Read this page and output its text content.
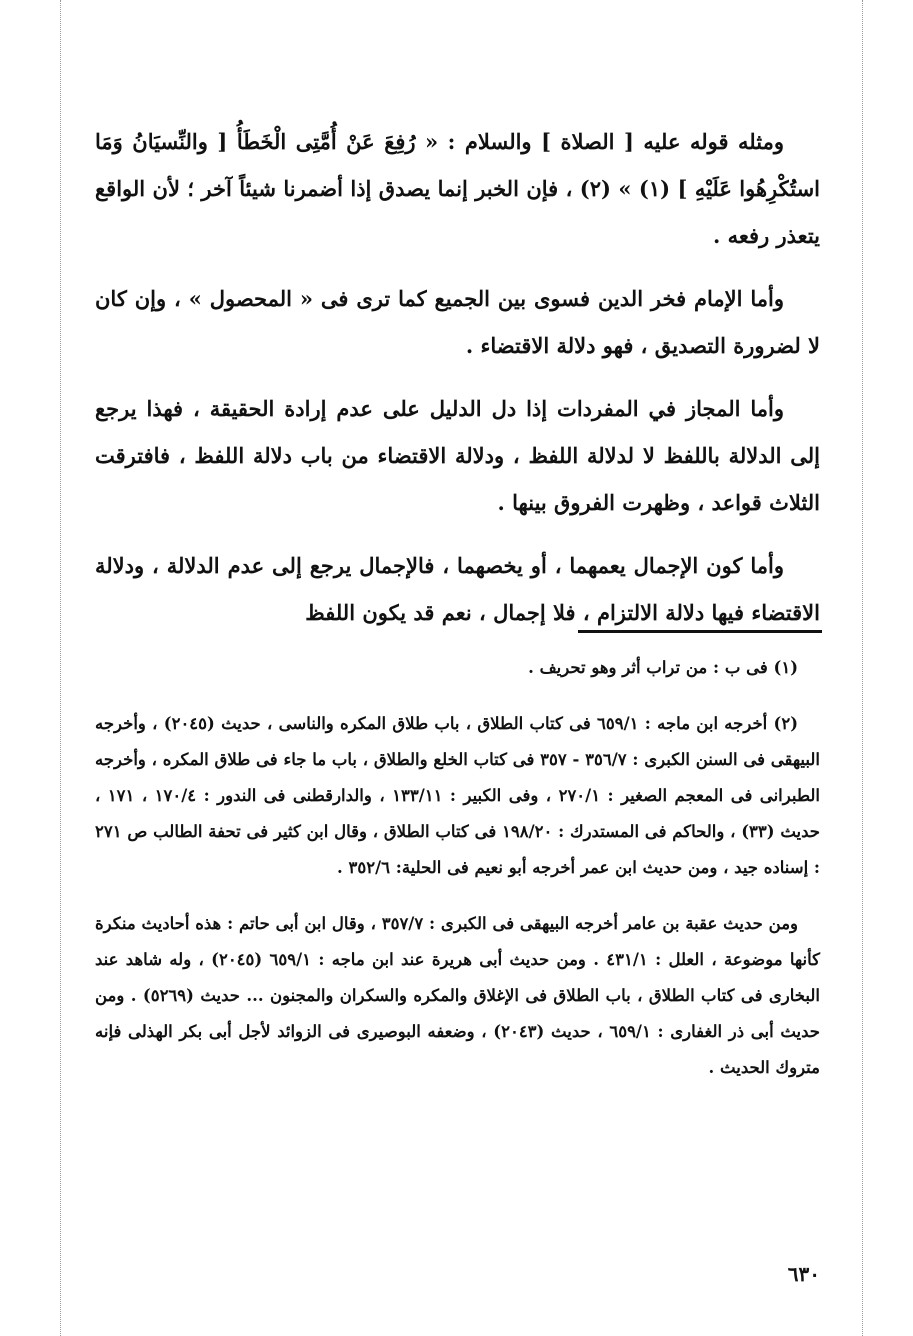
ومثله قوله عليه [ الصلاة ] والسلام : « رُفِعَ عَنْ أُمَّتِى الْخَطَأُ [ والنِّسيَانُ وَمَا استُكْرِهُوا عَلَيْهِ ] (١) » (٢) ، فإن الخبر إنما يصدق إذا أضمرنا شيئاً آخر ؛ لأن الواقع يتعذر رفعه .

وأما الإمام فخر الدين فسوى بين الجميع كما ترى فى « المحصول » ، وإن كان لا لضرورة التصديق ، فهو دلالة الاقتضاء .

وأما المجاز في المفردات إذا دل الدليل على عدم إرادة الحقيقة ، فهذا يرجع إلى الدلالة باللفظ لا لدلالة اللفظ ، ودلالة الاقتضاء من باب دلالة اللفظ ، فافترقت الثلاث قواعد ، وظهرت الفروق بينها .

وأما كون الإجمال يعمهما ، أو يخصهما ، فالإجمال يرجع إلى عدم الدلالة ، ودلالة الاقتضاء فيها دلالة الالتزام ، فلا إجمال ، نعم قد يكون اللفظ

(١) فى ب : من تراب أثر وهو تحريف .

(٢) أخرجه ابن ماجه : ٦٥٩/١ فى كتاب الطلاق ، باب طلاق المكره والناسى ، حديث (٢٠٤٥) ، وأخرجه البيهقى فى السنن الكبرى : ٣٥٦/٧ - ٣٥٧ فى كتاب الخلع والطلاق ، باب ما جاء فى طلاق المكره ، وأخرجه الطبرانى فى المعجم الصغير : ٢٧٠/١ ، وفى الكبير : ١٣٣/١١ ، والدارقطنى فى الندور : ١٧٠/٤ ، ١٧١ ، حديث (٣٣) ، والحاكم فى المستدرك : ١٩٨/٢٠ فى كتاب الطلاق ، وقال ابن كثير فى تحفة الطالب ص ٢٧١ : إسناده جيد ، ومن حديث ابن عمر أخرجه أبو نعيم فى الحلية: ٣٥٢/٦ .

ومن حديث عقبة بن عامر أخرجه البيهقى فى الكبرى : ٣٥٧/٧ ، وقال ابن أبى حاتم : هذه أحاديث منكرة كأنها موضوعة ، العلل : ٤٣١/١ . ومن حديث أبى هريرة عند ابن ماجه : ٦٥٩/١ (٢٠٤٥) ، وله شاهد عند البخارى فى كتاب الطلاق ، باب الطلاق فى الإغلاق والمكره والسكران والمجنون ... حديث (٥٢٦٩) . ومن حديث أبى ذر الغفارى : ٦٥٩/١ ، حديث (٢٠٤٣) ، وضعفه البوصيرى فى الزوائد لأجل أبى بكر الهذلى فإنه متروك الحديث .

٦٣٠
